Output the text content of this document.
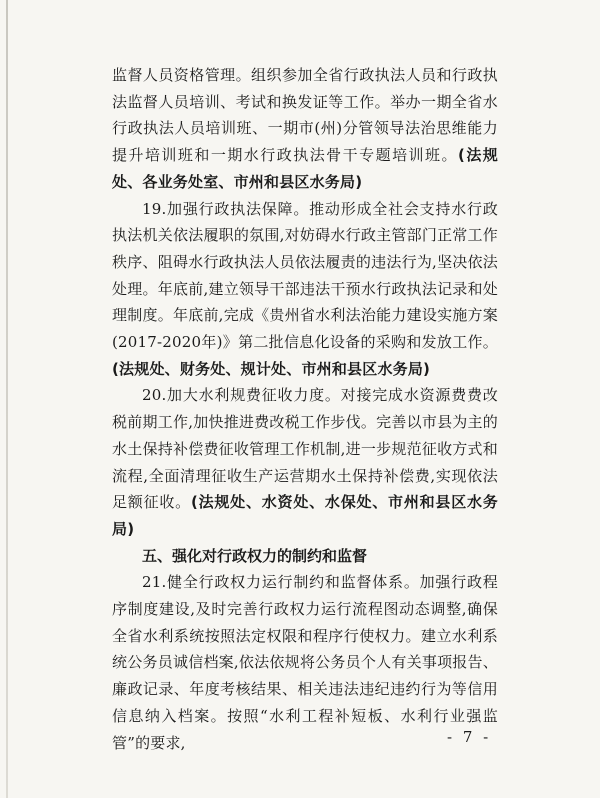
监督人员资格管理。组织参加全省行政执法人员和行政执法监督人员培训、考试和换发证等工作。举办一期全省水行政执法人员培训班、一期市(州)分管领导法治思维能力提升培训班和一期水行政执法骨干专题培训班。(法规处、各业务处室、市州和县区水务局)

19.加强行政执法保障。推动形成全社会支持水行政执法机关依法履职的氛围,对妨碍水行政主管部门正常工作秩序、阻碍水行政执法人员依法履责的违法行为,坚决依法处理。年底前,建立领导干部违法干预水行政执法记录和处理制度。年底前,完成《贵州省水利法治能力建设实施方案(2017-2020年)》第二批信息化设备的采购和发放工作。(法规处、财务处、规计处、市州和县区水务局)

20.加大水利规费征收力度。对接完成水资源费费改税前期工作,加快推进费改税工作步伐。完善以市县为主的水土保持补偿费征收管理工作机制,进一步规范征收方式和流程,全面清理征收生产运营期水土保持补偿费,实现依法足额征收。(法规处、水资处、水保处、市州和县区水务局)

五、强化对行政权力的制约和监督

21.健全行政权力运行制约和监督体系。加强行政程序制度建设,及时完善行政权力运行流程图动态调整,确保全省水利系统按照法定权限和程序行使权力。建立水利系统公务员诚信档案,依法依规将公务员个人有关事项报告、廉政记录、年度考核结果、相关违法违纪违约行为等信用信息纳入档案。按照“水利工程补短板、水利行业强监管”的要求,	- 7 -
